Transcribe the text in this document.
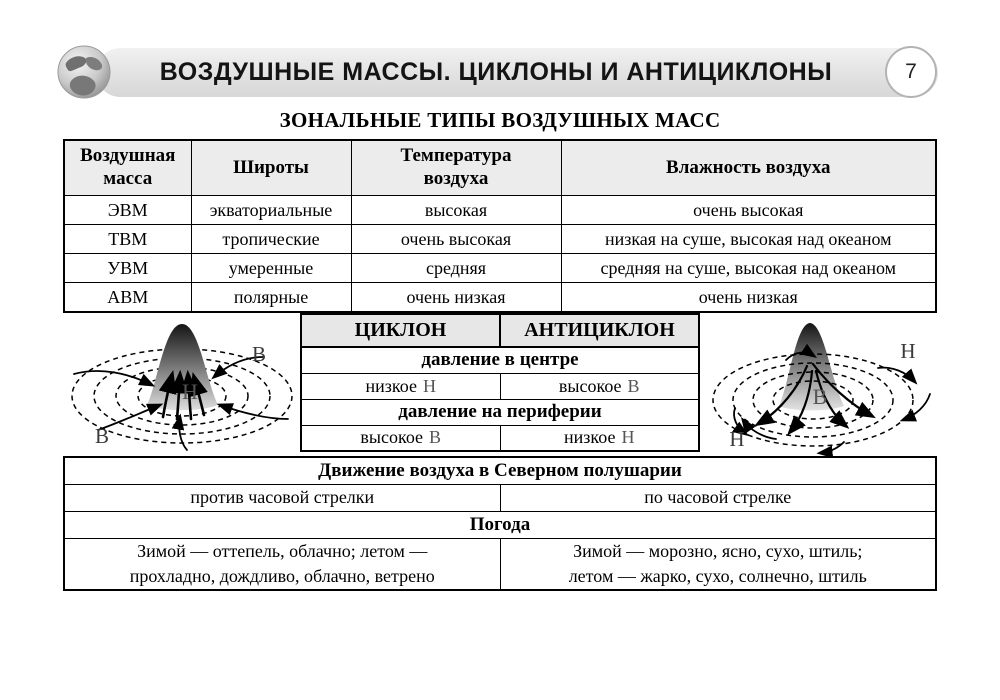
ВОЗДУШНЫЕ МАССЫ. ЦИКЛОНЫ И АНТИЦИКЛОНЫ	7
ЗОНАЛЬНЫЕ ТИПЫ ВОЗДУШНЫХ МАСС
Воздушная масса	Широты	Температура воздуха	Влажность воздуха
ЭВМ	экваториальные	высокая	очень высокая
ТВМ	тропические	очень высокая	низкая на суше, высокая над океаном
УВМ	умеренные	средняя	средняя на суше, высокая над океаном
АВМ	полярные	очень низкая	очень низкая
В
В
Н
ЦИКЛОН	АНТИЦИКЛОН
давление в центре	
низкое Н	высокое В
давление на периферии	
высокое В	низкое Н
Н
Н
В
Движение воздуха в Северном полушарии	
против часовой стрелки	по часовой стрелке
Погода	

Зимой — оттепель, облачно; летом —
прохладно, дождливо, облачно, ветрено

Зимой — морозно, ясно, сухо, штиль;
летом — жарко, сухо, солнечно, штиль
